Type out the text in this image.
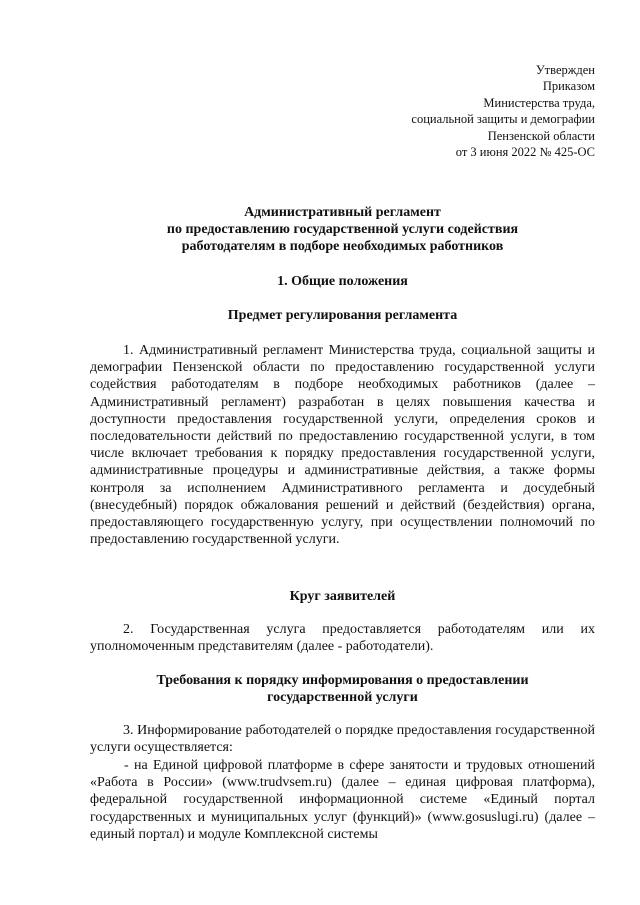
Утвержден
Приказом
Министерства труда,
социальной защиты и демографии
Пензенской области
от 3 июня 2022 № 425-ОС
Административный регламент
по предоставлению государственной услуги содействия
работодателям в подборе необходимых работников
1. Общие положения
Предмет регулирования регламента
1. Административный регламент Министерства труда, социальной защиты и демографии Пензенской области по предоставлению государственной услуги содействия работодателям в подборе необходимых работников (далее – Административный регламент) разработан в целях повышения качества и доступности предоставления государственной услуги, определения сроков и последовательности действий по предоставлению государственной услуги, в том числе включает требования к порядку предоставления государственной услуги, административные процедуры и административные действия, а также формы контроля за исполнением Административного регламента и досудебный (внесудебный) порядок обжалования решений и действий (бездействия) органа, предоставляющего государственную услугу, при осуществлении полномочий по предоставлению государственной услуги.
Круг заявителей
2. Государственная услуга предоставляется работодателям или их уполномоченным представителям (далее - работодатели).
Требования к порядку информирования о предоставлении
государственной услуги
3. Информирование работодателей о порядке предоставления государственной услуги осуществляется:
- на Единой цифровой платформе в сфере занятости и трудовых отношений «Работа в России» (www.trudvsem.ru) (далее – единая цифровая платформа), федеральной государственной информационной системе «Единый портал государственных и муниципальных услуг (функций)» (www.gosuslugi.ru) (далее – единый портал) и модуле Комплексной системы
